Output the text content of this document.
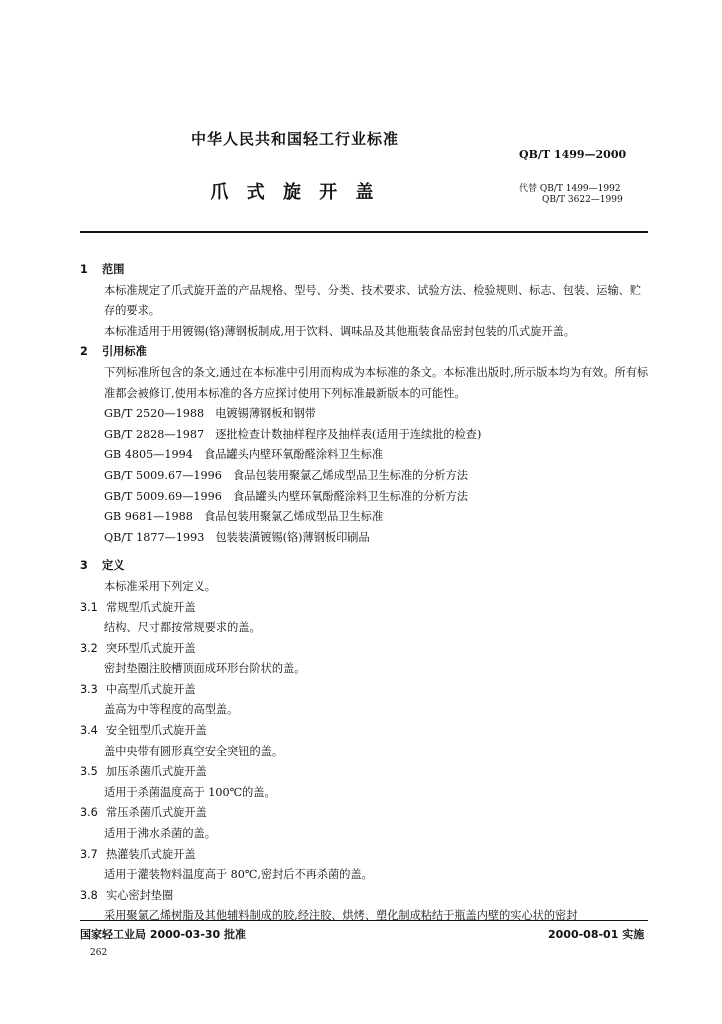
中华人民共和国轻工行业标准
QB/T 1499—2000
爪 式 旋 开 盖	代替 QB/T 1499—1992
QB/T 3622—1999

1 范围

本标准规定了爪式旋开盖的产品规格、型号、分类、技术要求、试验方法、检验规则、标志、包装、运输、贮存的要求。

本标准适用于用镀锡(铬)薄钢板制成,用于饮料、调味品及其他瓶装食品密封包装的爪式旋开盖。

2 引用标准

下列标准所包含的条文,通过在本标准中引用而构成为本标准的条文。本标准出版时,所示版本均为有效。所有标准都会被修订,使用本标准的各方应探讨使用下列标准最新版本的可能性。

GB/T 2520—1988　电镀锡薄钢板和钢带

GB/T 2828—1987　逐批检查计数抽样程序及抽样表(适用于连续批的检查)

GB 4805—1994　食品罐头内壁环氧酚醛涂料卫生标准

GB/T 5009.67—1996　食品包装用聚氯乙烯成型品卫生标准的分析方法

GB/T 5009.69—1996　食品罐头内壁环氧酚醛涂料卫生标准的分析方法

GB 9681—1988　食品包装用聚氯乙烯成型品卫生标准

QB/T 1877—1993　包装装潢镀锡(铬)薄钢板印刷品

3 定义

本标准采用下列定义。

3.1 常规型爪式旋开盖

结构、尺寸都按常规要求的盖。

3.2 突环型爪式旋开盖

密封垫圈注胶槽顶面成环形台阶状的盖。

3.3 中高型爪式旋开盖

盖高为中等程度的高型盖。

3.4 安全钮型爪式旋开盖

盖中央带有圆形真空安全突钮的盖。

3.5 加压杀菌爪式旋开盖

适用于杀菌温度高于 100℃的盖。

3.6 常压杀菌爪式旋开盖

适用于沸水杀菌的盖。

3.7 热灌装爪式旋开盖

适用于灌装物料温度高于 80℃,密封后不再杀菌的盖。

3.8 实心密封垫圈

采用聚氯乙烯树脂及其他辅料制成的胶,经注胶、烘烤、塑化制成粘结于瓶盖内壁的实心状的密封

国家轻工业局 2000-03-30 批准	2000-08-01 实施
262
